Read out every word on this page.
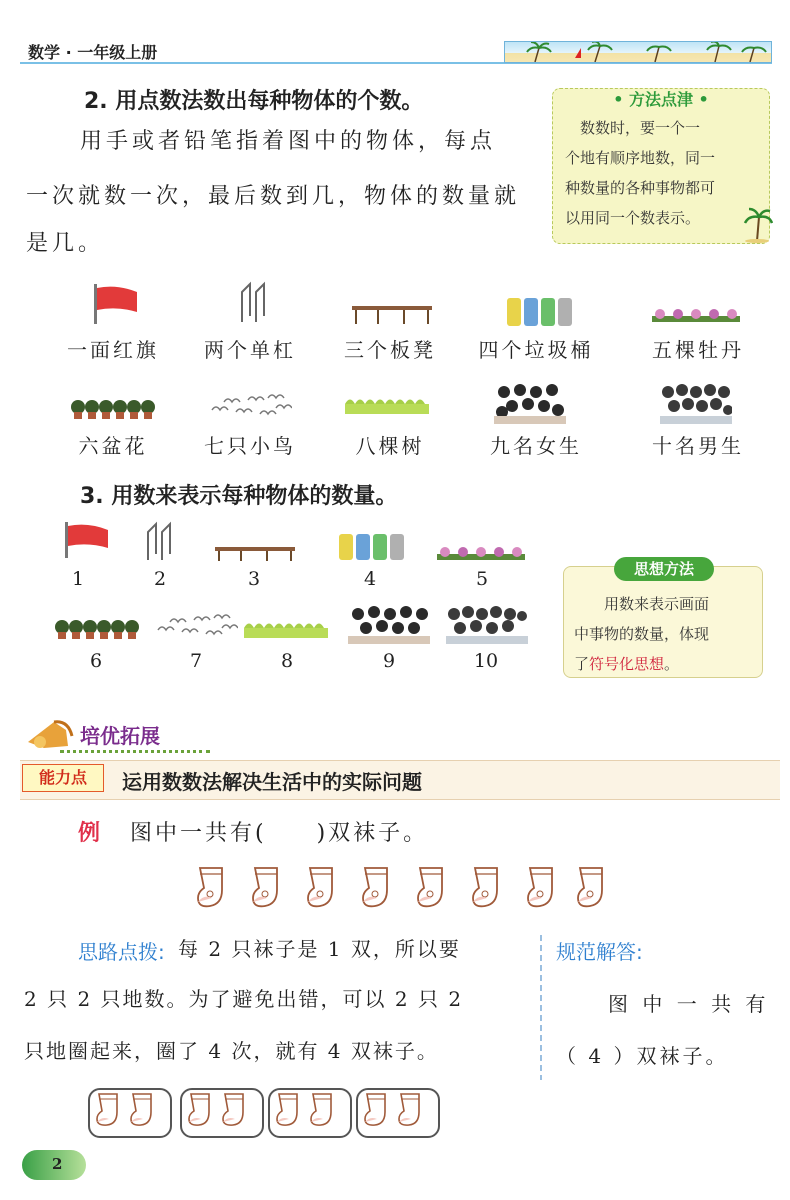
数学 · 一年级上册
2. 用点数法数出每种物体的个数。
用手或者铅笔指着图中的物体，每点
一次就数一次，最后数到几，物体的数量就
是几。
• 方法点津 •
　数数时，要一个一
个地有顺序地数，同一
种数量的各种事物都可
以用同一个数表示。
一面红旗	两个单杠	三个板凳	四个垃圾桶	五棵牡丹
六盆花	七只小鸟	八棵树	九名女生	十名男生
3. 用数来表示每种物体的数量。
1	2	3	4	5
6	7	8	9	10
思想方法
　　用数来表示画面
中事物的数量，体现
了符号化思想。
培优拓展
能力点	运用数数法解决生活中的实际问题
例 图中一共有(　　)双袜子。
思路点拨: 每 2 只袜子是 1 双，所以要
2 只 2 只地数。为了避免出错，可以 2 只 2
只地圈起来，圈了 4 次，就有 4 双袜子。
规范解答:
图 中 一 共 有
（ 4 ）双袜子。
2
